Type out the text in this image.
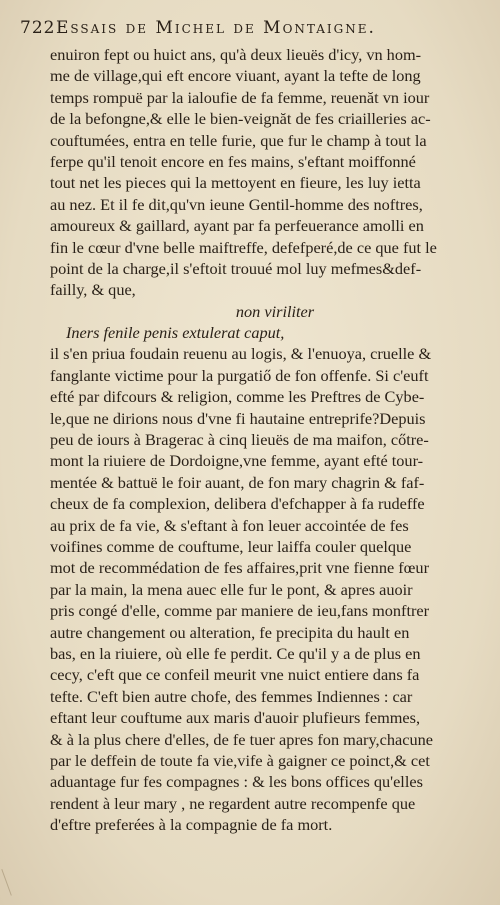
722 Essais de Michel de Montaigne.
enuiron fept ou huict ans, qu'à deux lieuës d'icy, vn hom-
me de village,qui eft encore viuant, ayant la tefte de long
temps rompuë par la ialoufie de fa femme, reuenăt vn iour
de la befongne,& elle le bien-veignăt de fes criailleries ac-
couftumées, entra en telle furie, que fur le champ à tout la
ferpe qu'il tenoit encore en fes mains, s'eftant moiffonné
tout net les pieces qui la mettoyent en fieure, les luy ietta
au nez. Et il fe dit,qu'vn ieune Gentil-homme des noftres,
amoureux & gaillard, ayant par fa perfeuerance amolli en
fin le cœur d'vne belle maiftreffe, defefperé,de ce que fut le
point de la charge,il s'eftoit trouué mol luy mefmes&def-
failly, & que,
non viriliter
Iners fenile penis extulerat caput,
il s'en priua foudain reuenu au logis, & l'enuoya, cruelle &
fanglante victime pour la purgatiő de fon offenfe. Si c'euft
efté par difcours & religion, comme les Preftres de Cybe-
le,que ne dirions nous d'vne fi hautaine entreprife?Depuis
peu de iours à Bragerac à cinq lieuës de ma maifon, cőtre-
mont la riuiere de Dordoigne,vne femme, ayant efté tour-
mentée & battuë le foir auant, de fon mary chagrin & faf-
cheux de fa complexion, delibera d'efchapper à fa rudeffe
au prix de fa vie, & s'eftant à fon leuer accointée de fes
voifines comme de couftume, leur laiffa couler quelque
mot de recommédation de fes affaires,prit vne fienne fœur
par la main, la mena auec elle fur le pont, & apres auoir
pris congé d'elle, comme par maniere de ieu,fans monftrer
autre changement ou alteration, fe precipita du hault en
bas, en la riuiere, où elle fe perdit. Ce qu'il y a de plus en
cecy, c'eft que ce confeil meurit vne nuict entiere dans fa
tefte. C'eft bien autre chofe, des femmes Indiennes : car
eftant leur couftume aux maris d'auoir plufieurs femmes,
& à la plus chere d'elles, de fe tuer apres fon mary,chacune
par le deffein de toute fa vie,vife à gaigner ce poinct,& cet
aduantage fur fes compagnes : & les bons offices qu'elles
rendent à leur mary , ne regardent autre recompenfe que
d'eftre preferées à la compagnie de fa mort.
